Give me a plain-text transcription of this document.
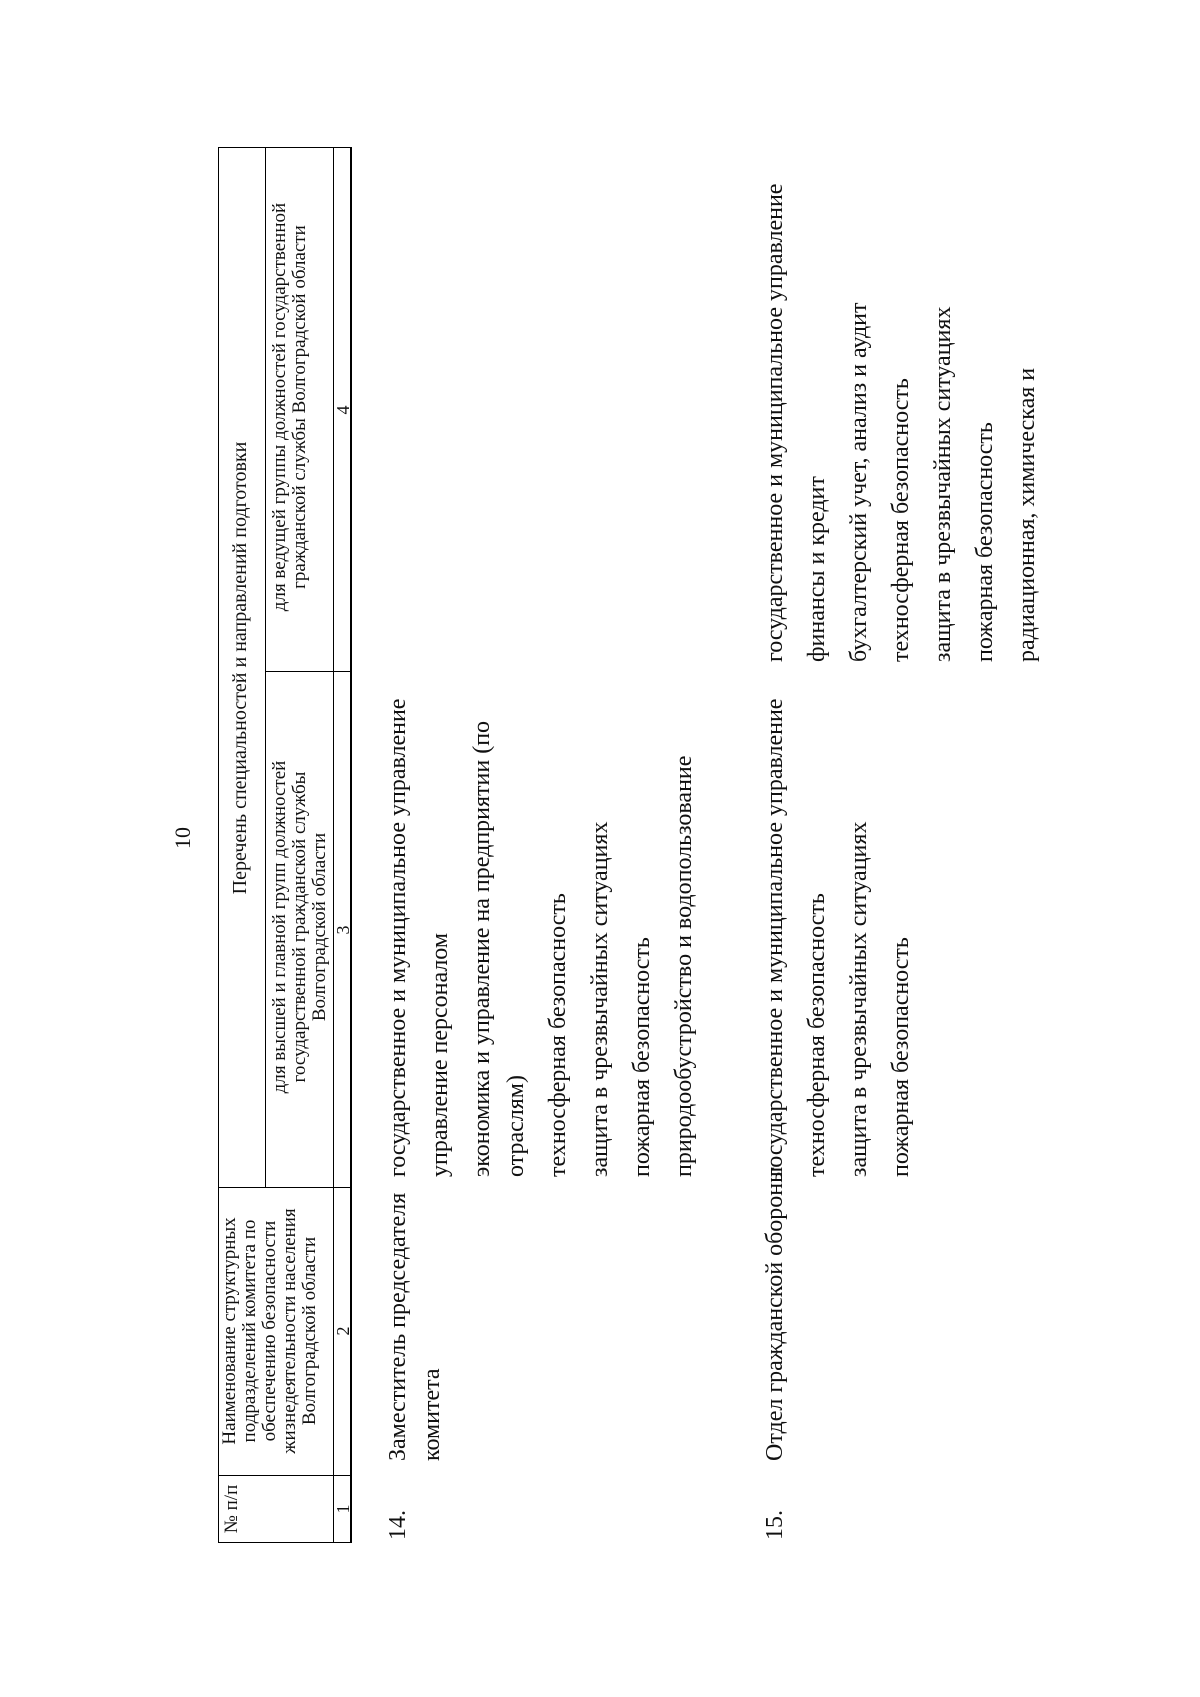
10
№ п/п
Наименование структурных подразделений комитета по обеспечению безопасности жизнедеятельности населения Волгоградской области
Перечень специальностей и направлений подготовки
для высшей и главной групп должностей государственной гражданской службы Волгоградской области
для ведущей группы должностей государственной гражданской службы Волгоградской области
1
2
3
4
14.
Заместитель председателя комитета
государственное и муниципальное управление управление персоналом экономика и управление на предприятии (по отраслям) техносферная безопасность защита в чрезвычайных ситуациях пожарная безопасность природообустройство и водопользование
15.
Отдел гражданской обороны
государственное и муниципальное управление техносферная безопасность защита в чрезвычайных ситуациях пожарная безопасность
государственное и муниципальное управление финансы и кредит бухгалтерский учет, анализ и аудит техносферная безопасность защита в чрезвычайных ситуациях пожарная безопасность радиационная, химическая и
